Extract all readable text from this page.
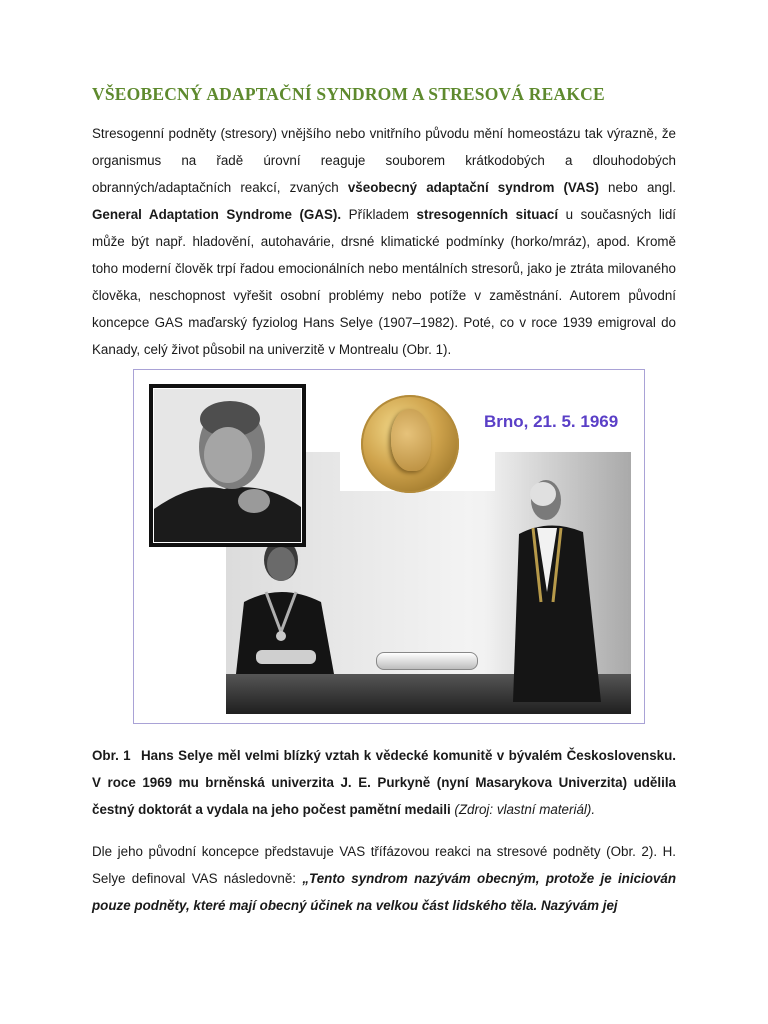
VŠEOBECNÝ ADAPTAČNÍ SYNDROM A STRESOVÁ REAKCE

Stresogenní podněty (stresory) vnějšího nebo vnitřního původu mění homeostázu tak výrazně, že organismus na řadě úrovní reaguje souborem krátkodobých a dlouhodobých obranných/adaptačních reakcí, zvaných všeobecný adaptační syndrom (VAS) nebo angl. General Adaptation Syndrome (GAS). Příkladem stresogenních situací u současných lidí může být např. hladovění, autohavárie, drsné klimatické podmínky (horko/mráz), apod. Kromě toho moderní člověk trpí řadou emocionálních nebo mentálních stresorů, jako je ztráta milovaného člověka, neschopnost vyřešit osobní problémy nebo potíže v zaměstnání. Autorem původní koncepce GAS maďarský fyziolog Hans Selye (1907–1982). Poté, co v roce 1939 emigroval do Kanady, celý život působil na univerzitě v Montrealu (Obr. 1).

Brno, 21. 5. 1969

Obr. 1 Hans Selye měl velmi blízký vztah k vědecké komunitě v bývalém Československu. V roce 1969 mu brněnská univerzita J. E. Purkyně (nyní Masarykova Univerzita) udělila čestný doktorát a vydala na jeho počest pamětní medaili (Zdroj: vlastní materiál).

Dle jeho původní koncepce představuje VAS třífázovou reakci na stresové podněty (Obr. 2). H. Selye definoval VAS následovně: „Tento syndrom nazývám obecným, protože je iniciován pouze podněty, které mají obecný účinek na velkou část lidského těla. Nazývám jej
